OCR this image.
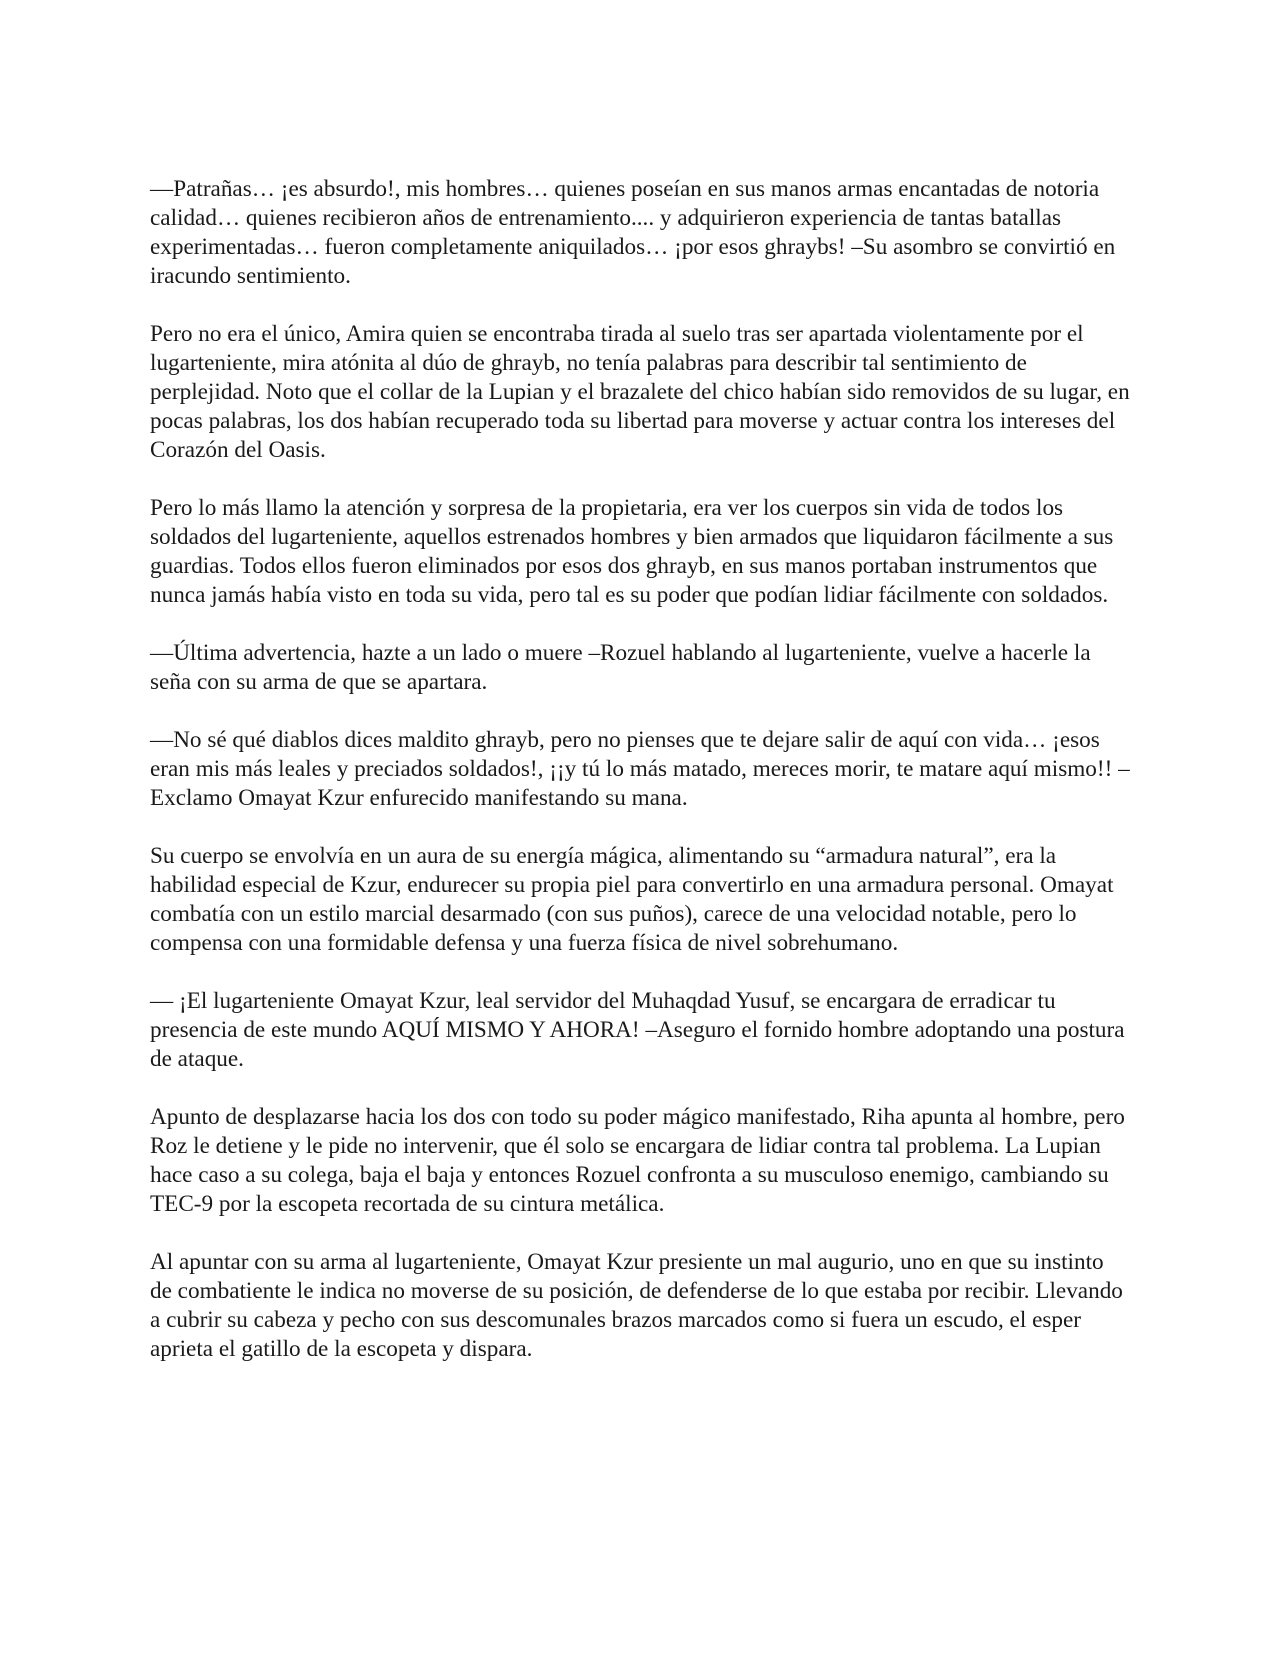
—Patrañas… ¡es absurdo!, mis hombres… quienes poseían en sus manos armas encantadas de notoria calidad… quienes recibieron años de entrenamiento.... y adquirieron experiencia de tantas batallas experimentadas… fueron completamente aniquilados… ¡por esos ghraybs! –Su asombro se convirtió en iracundo sentimiento.

Pero no era el único, Amira quien se encontraba tirada al suelo tras ser apartada violentamente por el lugarteniente, mira atónita al dúo de ghrayb, no tenía palabras para describir tal sentimiento de perplejidad. Noto que el collar de la Lupian y el brazalete del chico habían sido removidos de su lugar, en pocas palabras, los dos habían recuperado toda su libertad para moverse y actuar contra los intereses del Corazón del Oasis.

Pero lo más llamo la atención y sorpresa de la propietaria, era ver los cuerpos sin vida de todos los soldados del lugarteniente, aquellos estrenados hombres y bien armados que liquidaron fácilmente a sus guardias. Todos ellos fueron eliminados por esos dos ghrayb, en sus manos portaban instrumentos que nunca jamás había visto en toda su vida, pero tal es su poder que podían lidiar fácilmente con soldados.

—Última advertencia, hazte a un lado o muere –Rozuel hablando al lugarteniente, vuelve a hacerle la seña con su arma de que se apartara.

—No sé qué diablos dices maldito ghrayb, pero no pienses que te dejare salir de aquí con vida… ¡esos eran mis más leales y preciados soldados!, ¡¡y tú lo más matado, mereces morir, te matare aquí mismo!! –Exclamo Omayat Kzur enfurecido manifestando su mana.

Su cuerpo se envolvía en un aura de su energía mágica, alimentando su “armadura natural”, era la habilidad especial de Kzur, endurecer su propia piel para convertirlo en una armadura personal. Omayat combatía con un estilo marcial desarmado (con sus puños), carece de una velocidad notable, pero lo compensa con una formidable defensa y una fuerza física de nivel sobrehumano.

— ¡El lugarteniente Omayat Kzur, leal servidor del Muhaqdad Yusuf, se encargara de erradicar tu presencia de este mundo AQUÍ MISMO Y AHORA! –Aseguro el fornido hombre adoptando una postura de ataque.

Apunto de desplazarse hacia los dos con todo su poder mágico manifestado, Riha apunta al hombre, pero Roz le detiene y le pide no intervenir, que él solo se encargara de lidiar contra tal problema. La Lupian hace caso a su colega, baja el baja y entonces Rozuel confronta a su musculoso enemigo, cambiando su TEC-9 por la escopeta recortada de su cintura metálica.

Al apuntar con su arma al lugarteniente, Omayat Kzur presiente un mal augurio, uno en que su instinto de combatiente le indica no moverse de su posición, de defenderse de lo que estaba por recibir. Llevando a cubrir su cabeza y pecho con sus descomunales brazos marcados como si fuera un escudo, el esper aprieta el gatillo de la escopeta y dispara.
